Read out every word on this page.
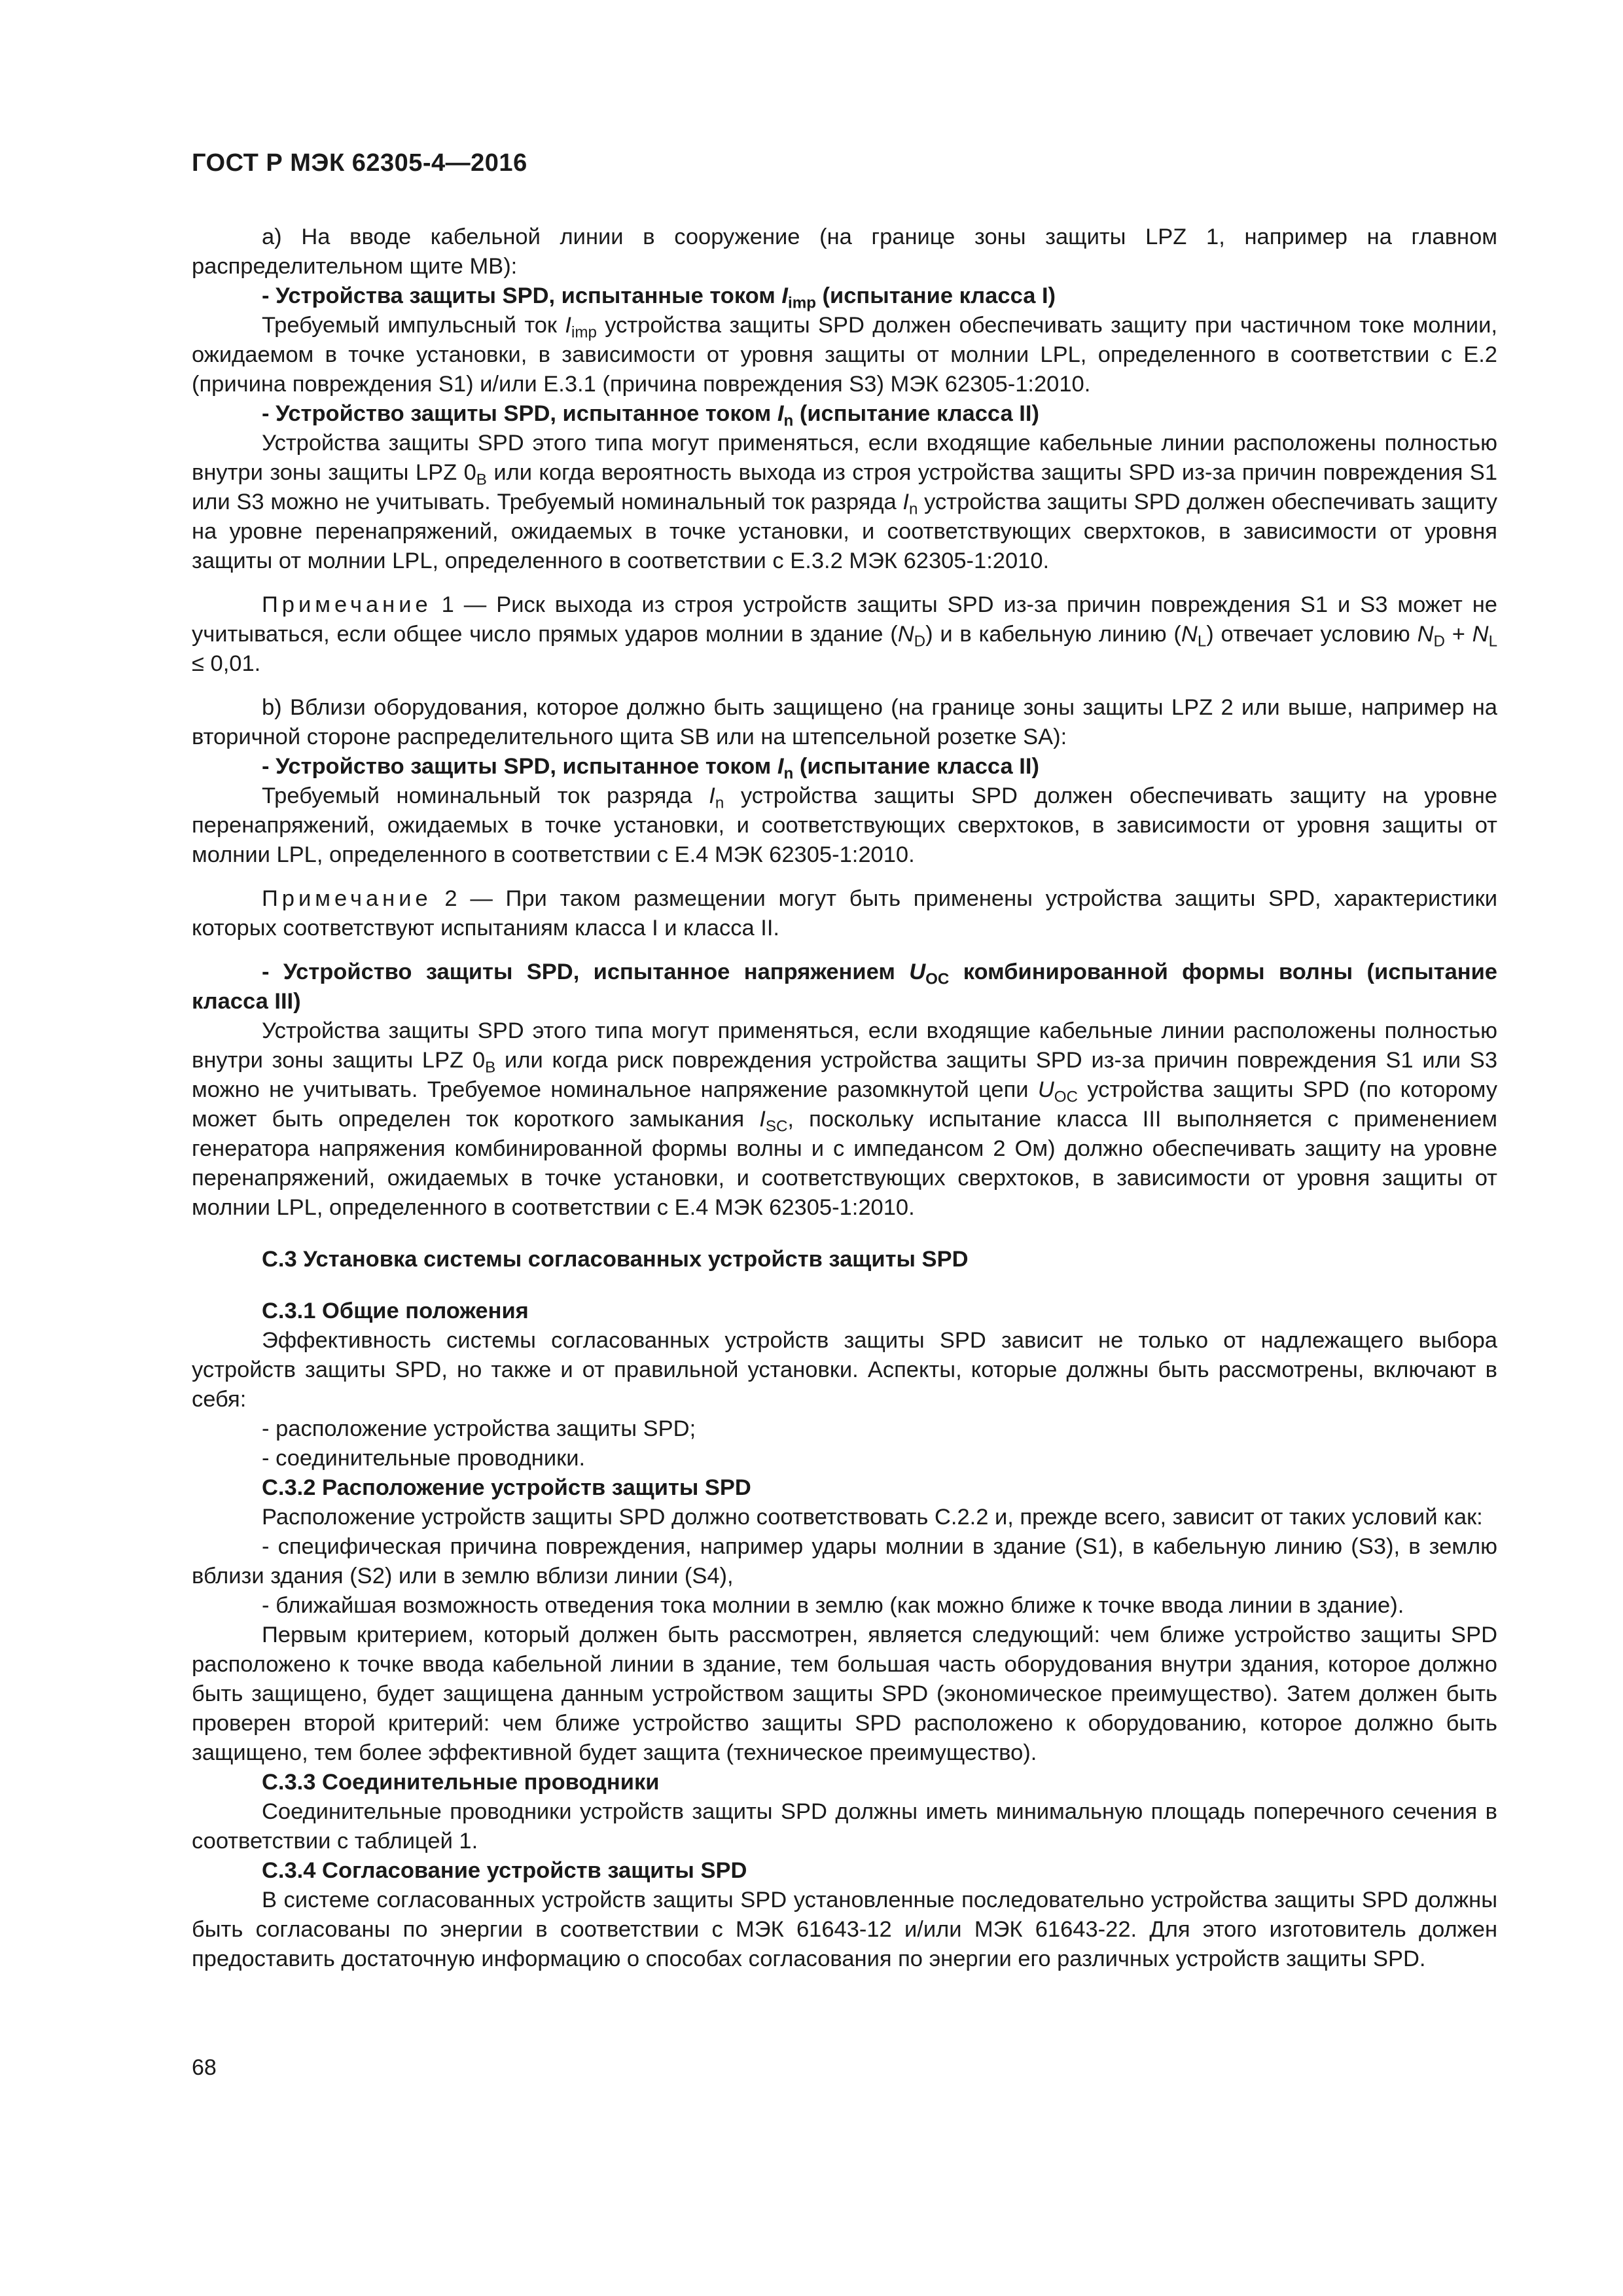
ГОСТ Р МЭК 62305-4—2016

а) На вводе кабельной линии в сооружение (на границе зоны защиты LPZ 1, например на главном распределительном щите MB):

- Устройства защиты SPD, испытанные током $I_{imp}$ (испытание класса I)

Требуемый импульсный ток $I_{imp}$ устройства защиты SPD должен обеспечивать защиту при частичном токе молнии, ожидаемом в точке установки, в зависимости от уровня защиты от молнии LPL, определенного в соответствии с Е.2 (причина повреждения S1) и/или Е.3.1 (причина повреждения S3) МЭК 62305-1:2010.

- Устройство защиты SPD, испытанное током $I_n$ (испытание класса II)

Устройства защиты SPD этого типа могут применяться, если входящие кабельные линии расположены полностью внутри зоны защиты LPZ $0_B$ или когда вероятность выхода из строя устройства защиты SPD из-за причин повреждения S1 или S3 можно не учитывать. Требуемый номинальный ток разряда $I_n$ устройства защиты SPD должен обеспечивать защиту на уровне перенапряжений, ожидаемых в точке установки, и соответствующих сверхтоков, в зависимости от уровня защиты от молнии LPL, определенного в соответствии с Е.3.2 МЭК 62305-1:2010.

Примечание 1 — Риск выхода из строя устройств защиты SPD из-за причин повреждения S1 и S3 может не учитываться, если общее число прямых ударов молнии в здание $(N_D)$ и в кабельную линию $(N_L)$ отвечает условию $N_D + N_L \le 0,01$.

b) Вблизи оборудования, которое должно быть защищено (на границе зоны защиты LPZ 2 или выше, например на вторичной стороне распределительного щита SB или на штепсельной розетке SA):

- Устройство защиты SPD, испытанное током $I_n$ (испытание класса II)

Требуемый номинальный ток разряда $I_n$ устройства защиты SPD должен обеспечивать защиту на уровне перенапряжений, ожидаемых в точке установки, и соответствующих сверхтоков, в зависимости от уровня защиты от молнии LPL, определенного в соответствии с Е.4 МЭК 62305-1:2010.

Примечание 2 — При таком размещении могут быть применены устройства защиты SPD, характеристики которых соответствуют испытаниям класса I и класса II.

- Устройство защиты SPD, испытанное напряжением $U_{OC}$ комбинированной формы волны (испытание класса III)

Устройства защиты SPD этого типа могут применяться, если входящие кабельные линии расположены полностью внутри зоны защиты LPZ $0_B$ или когда риск повреждения устройства защиты SPD из-за причин повреждения S1 или S3 можно не учитывать. Требуемое номинальное напряжение разомкнутой цепи $U_{OC}$ устройства защиты SPD (по которому может быть определен ток короткого замыкания $I_{SC}$, поскольку испытание класса III выполняется с применением генератора напряжения комбинированной формы волны и с импедансом 2 Ом) должно обеспечивать защиту на уровне перенапряжений, ожидаемых в точке установки, и соответствующих сверхтоков, в зависимости от уровня защиты от молнии LPL, определенного в соответствии с Е.4 МЭК 62305-1:2010.

С.3 Установка системы согласованных устройств защиты SPD

С.3.1 Общие положения

Эффективность системы согласованных устройств защиты SPD зависит не только от надлежащего выбора устройств защиты SPD, но также и от правильной установки. Аспекты, которые должны быть рассмотрены, включают в себя:

- расположение устройства защиты SPD;

- соединительные проводники.

С.3.2 Расположение устройств защиты SPD

Расположение устройств защиты SPD должно соответствовать С.2.2 и, прежде всего, зависит от таких условий как:

- специфическая причина повреждения, например удары молнии в здание (S1), в кабельную линию (S3), в землю вблизи здания (S2) или в землю вблизи линии (S4),

- ближайшая возможность отведения тока молнии в землю (как можно ближе к точке ввода линии в здание).

Первым критерием, который должен быть рассмотрен, является следующий: чем ближе устройство защиты SPD расположено к точке ввода кабельной линии в здание, тем большая часть оборудования внутри здания, которое должно быть защищено, будет защищена данным устройством защиты SPD (экономическое преимущество). Затем должен быть проверен второй критерий: чем ближе устройство защиты SPD расположено к оборудованию, которое должно быть защищено, тем более эффективной будет защита (техническое преимущество).

С.3.3 Соединительные проводники

Соединительные проводники устройств защиты SPD должны иметь минимальную площадь поперечного сечения в соответствии с таблицей 1.

С.3.4 Согласование устройств защиты SPD

В системе согласованных устройств защиты SPD установленные последовательно устройства защиты SPD должны быть согласованы по энергии в соответствии с МЭК 61643-12 и/или МЭК 61643-22. Для этого изготовитель должен предоставить достаточную информацию о способах согласования по энергии его различных устройств защиты SPD.

68
